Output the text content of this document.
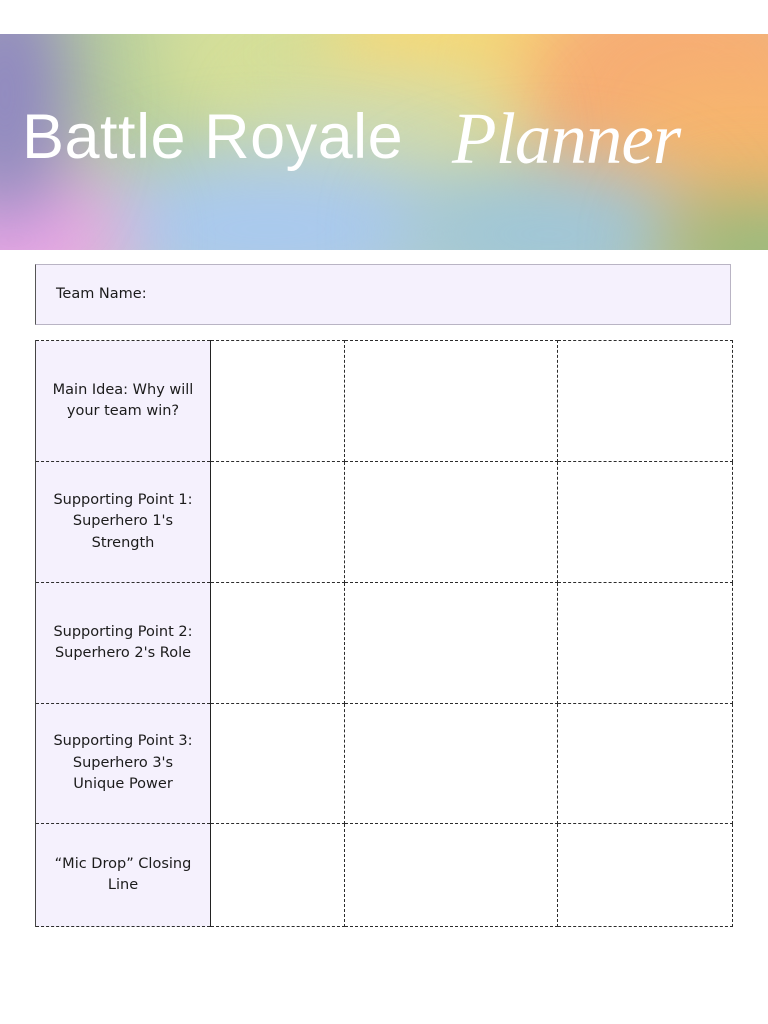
Battle Royale Planner
Team Name:
Main Idea: Why will
your team win?			
Supporting Point 1:
Superhero 1's
Strength			
Supporting Point 2:
Superhero 2's Role			
Supporting Point 3:
Superhero 3's
Unique Power			
“Mic Drop” Closing
Line			
